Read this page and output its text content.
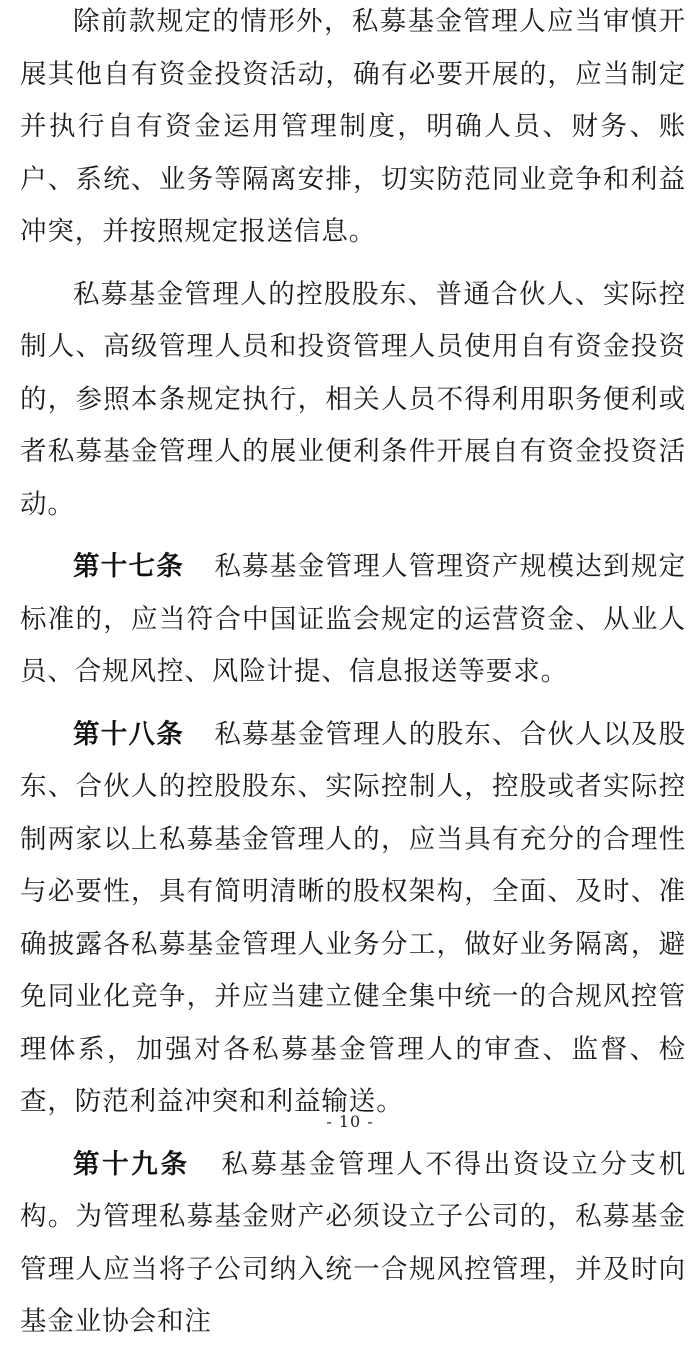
除前款规定的情形外，私募基金管理人应当审慎开展其他自有资金投资活动，确有必要开展的，应当制定并执行自有资金运用管理制度，明确人员、财务、账户、系统、业务等隔离安排，切实防范同业竞争和利益冲突，并按照规定报送信息。

私募基金管理人的控股股东、普通合伙人、实际控制人、高级管理人员和投资管理人员使用自有资金投资的，参照本条规定执行，相关人员不得利用职务便利或者私募基金管理人的展业便利条件开展自有资金投资活动。

第十七条 私募基金管理人管理资产规模达到规定标准的，应当符合中国证监会规定的运营资金、从业人员、合规风控、风险计提、信息报送等要求。

第十八条 私募基金管理人的股东、合伙人以及股东、合伙人的控股股东、实际控制人，控股或者实际控制两家以上私募基金管理人的，应当具有充分的合理性与必要性，具有简明清晰的股权架构，全面、及时、准确披露各私募基金管理人业务分工，做好业务隔离，避免同业化竞争，并应当建立健全集中统一的合规风控管理体系，加强对各私募基金管理人的审查、监督、检查，防范利益冲突和利益输送。

第十九条 私募基金管理人不得出资设立分支机构。为管理私募基金财产必须设立子公司的，私募基金管理人应当将子公司纳入统一合规风控管理，并及时向基金业协会和注

- 10 -
